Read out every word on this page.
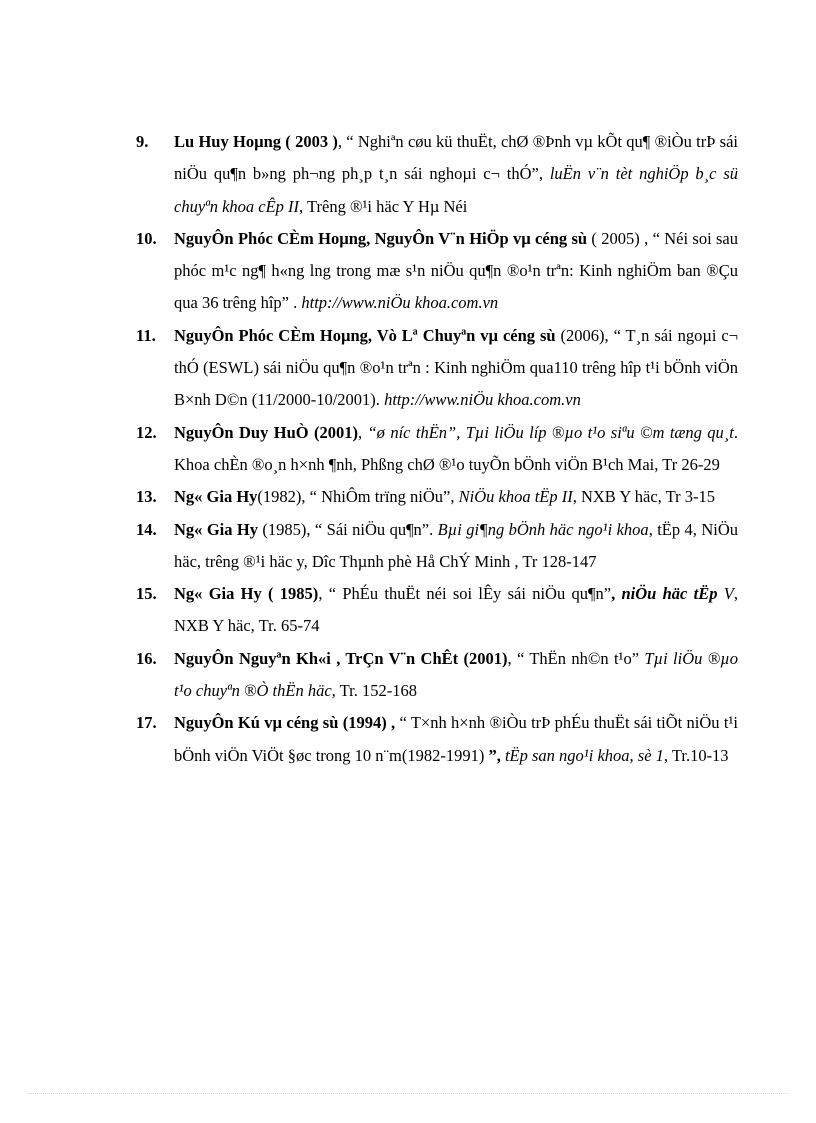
9. Lu Huy Hoµng ( 2003 ), “ Nghiªn cøu kü thuËt, chØ ®Þnh vµ kÕt qu¶ ®iÒu trÞ sái niÖu qu¶n b»ng ph¬ng ph¸p t¸n sái nghoµi c¬ thÓ”, luËn v¨n tèt nghiÖp b¸c sü chuyªn khoa cÊp II, Trêng ®¹i häc Y Hµ Néi
10. NguyÔn Phóc CÈm Hoµng, NguyÔn V¨n HiÖp vµ céng sù ( 2005) , “ Néi soi sau phóc m¹c ng¶ h«ng lng trong mæ s¹n niÖu qu¶n ®o¹n trªn: Kinh nghiÖm ban ®Çu qua 36 trêng hîp” . http://www.niÖu khoa.com.vn
11. NguyÔn Phóc CÈm Hoµng, Vò Lª Chuyªn vµ céng sù (2006), “ T¸n sái ngoµi c¬ thÓ (ESWL) sái niÖu qu¶n ®o¹n trªn : Kinh nghiÖm qua110 trêng hîp t¹i bÖnh viÖn B×nh D©n (11/2000-10/2001). http://www.niÖu khoa.com.vn
12. NguyÔn Duy HuÒ (2001), “ø níc thËn”, Tµi liÖu líp ®µo t¹o siªu ©m tæng qu¸t. Khoa chÈn ®o¸n h×nh ¶nh, Phßng chØ ®¹o tuyÕn bÖnh viÖn B¹ch Mai, Tr 26-29
13. Ng« Gia Hy(1982), “ NhiÔm trïng niÖu”, NiÖu khoa tËp II, NXB Y häc, Tr 3-15
14. Ng« Gia Hy (1985), “ Sái niÖu qu¶n”. Bµi gi¶ng bÖnh häc ngo¹i khoa, tËp 4, NiÖu häc, trêng ®¹i häc y, Dîc Thµnh phè Hå ChÝ Minh , Tr 128-147
15. Ng« Gia Hy ( 1985), “ PhÉu thuËt néi soi lÊy sái niÖu qu¶n”, niÖu häc tËp V, NXB Y häc, Tr. 65-74
16. NguyÔn Nguyªn Kh«i , TrÇn V¨n ChÊt (2001), “ ThËn nh©n t¹o” Tµi liÖu ®µo t¹o chuyªn ®Ò thËn häc, Tr. 152-168
17. NguyÔn Kú vµ céng sù (1994) , “ T×nh h×nh ®iÒu trÞ phÉu thuËt sái tiÕt niÖu t¹i bÖnh viÖn ViÖt §øc trong 10 n¨m(1982-1991) ”, tËp san ngo¹i khoa, sè 1, Tr.10-13
